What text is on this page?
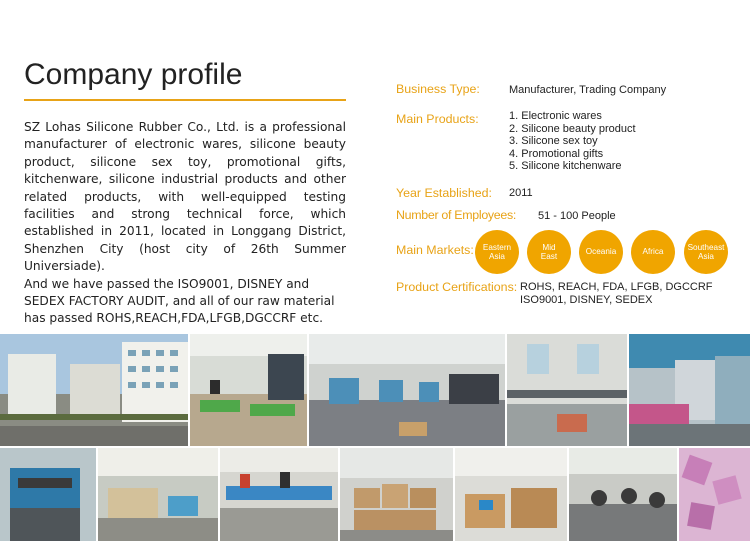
Company profile

SZ Lohas Silicone Rubber Co., Ltd. is a professional manufacturer of electronic wares, silicone beauty product, silicone sex toy, promotional gifts, kitchenware, silicone industrial products and other related products, with well-equipped testing facilities and strong technical force, which established in 2011, located in Longgang District, Shenzhen City (host city of 26th Summer Universiade).

And we have passed the ISO9001, DISNEY and SEDEX FACTORY AUDIT, and all of our raw material has passed ROHS,REACH,FDA,LFGB,DGCCRF etc.

Business Type:	Manufacturer, Trading Company
Main Products:	1. Electronic wares
2. Silicone beauty product
3. Silicone sex toy
4. Promotional gifts
5. Silicone kitchenware
Year Established: 2011
Number of Employees: 51 - 100 People
Main Markets: Eastern
Asia
Mid
East
Oceania	Africa
Southeast
Asia
Product Certifications: ROHS, REACH, FDA, LFGB, DGCCRF
ISO9001, DISNEY, SEDEX
